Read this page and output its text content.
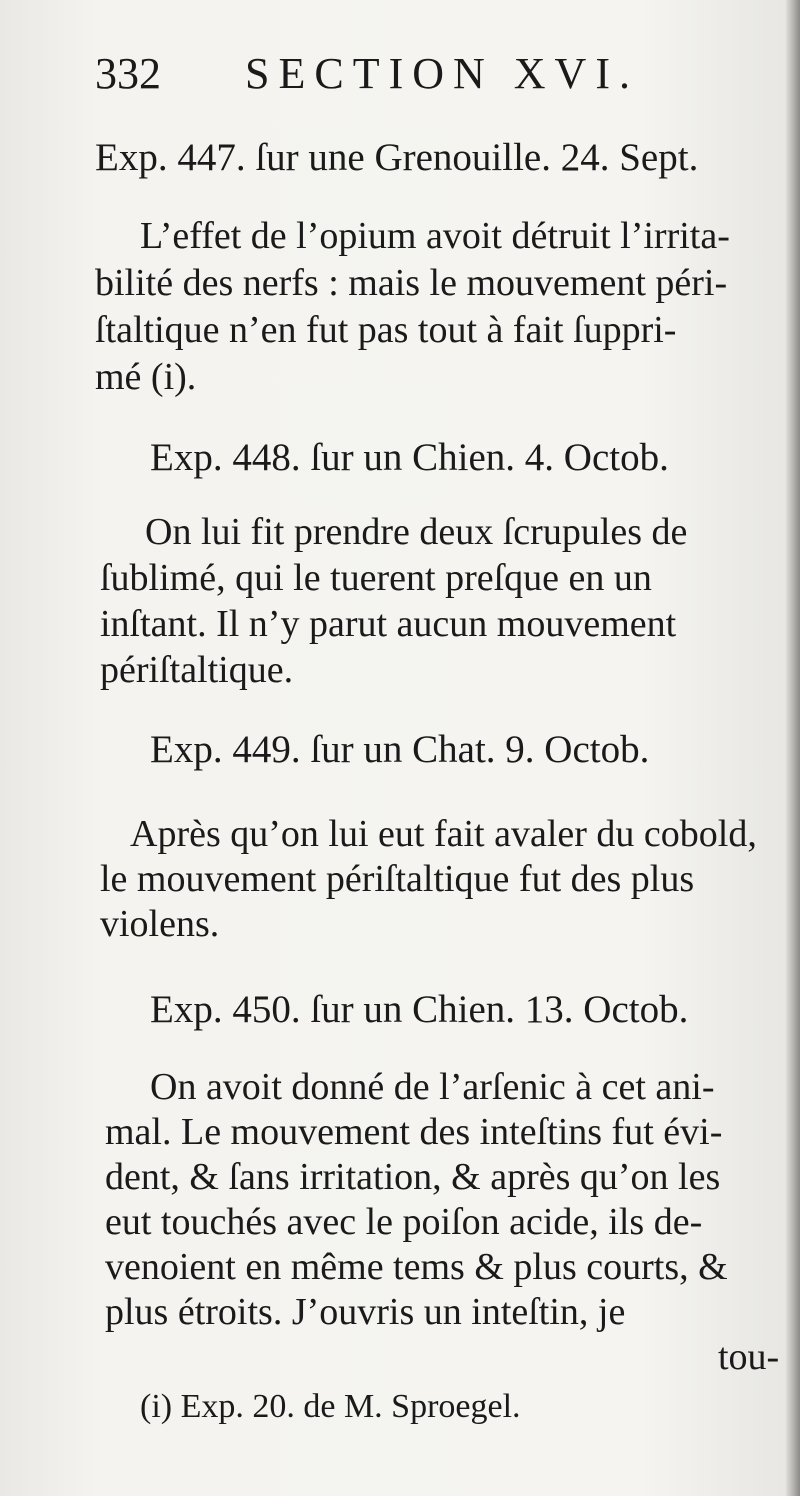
332 SECTION XVI.
Exp. 447. ſur une Grenouille. 24. Sept.
L’effet de l’opium avoit détruit l’irrita-
bilité des nerfs : mais le mouvement péri-
ſtaltique n’en fut pas tout à fait ſuppri-
mé (i).
Exp. 448. ſur un Chien. 4. Octob.
On lui fit prendre deux ſcrupules de
ſublimé, qui le tuerent preſque en un
inſtant. Il n’y parut aucun mouvement
périſtaltique.
Exp. 449. ſur un Chat. 9. Octob.
Après qu’on lui eut fait avaler du cobold,
le mouvement périſtaltique fut des plus
violens.
Exp. 450. ſur un Chien. 13. Octob.
On avoit donné de l’arſenic à cet ani-
mal. Le mouvement des inteſtins fut évi-
dent, & ſans irritation, & après qu’on les
eut touchés avec le poiſon acide, ils de-
venoient en même tems & plus courts, &
plus étroits. J’ouvris un inteſtin, je
tou-
(i) Exp. 20. de M. Sproegel.
